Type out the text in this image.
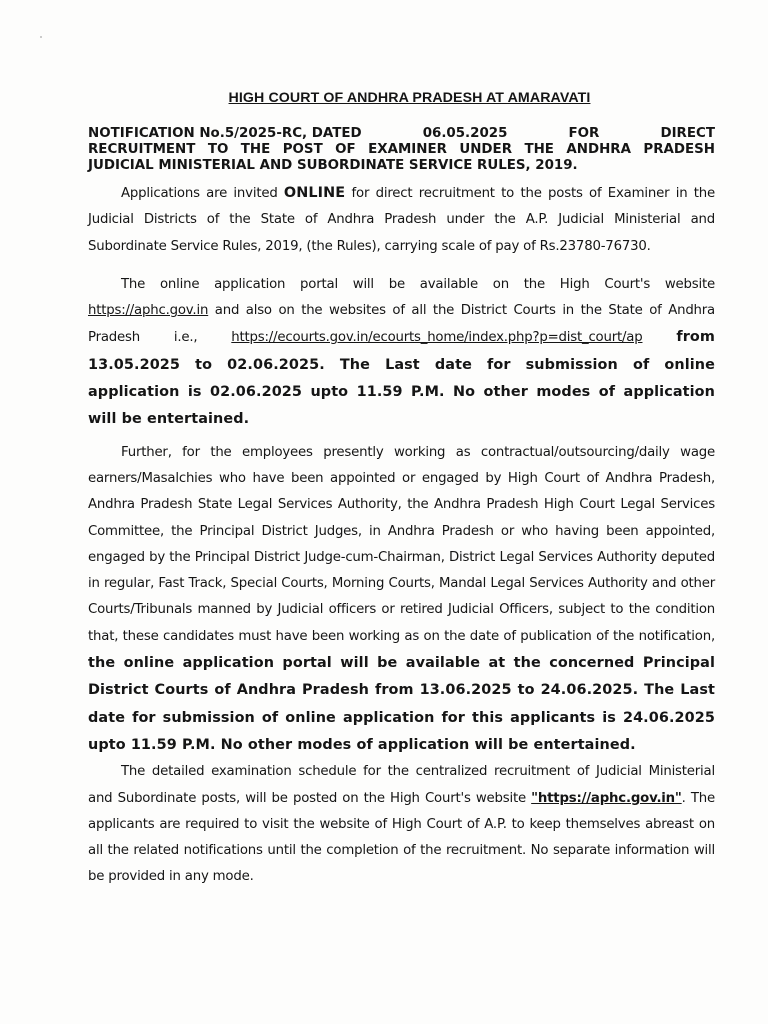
HIGH COURT OF ANDHRA PRADESH AT AMARAVATI
NOTIFICATION No.5/2025-RC, DATED	06.05.2025	FOR	DIRECT
RECRUITMENT TO THE POST OF EXAMINER UNDER THE ANDHRA PRADESH
JUDICIAL MINISTERIAL AND SUBORDINATE SERVICE RULES, 2019.

Applications are invited ONLINE for direct recruitment to the posts of Examiner in the Judicial Districts of the State of Andhra Pradesh under the A.P. Judicial Ministerial and Subordinate Service Rules, 2019, (the Rules), carrying scale of pay of Rs.23780-76730.

The online application portal will be available on the High Court's website https://aphc.gov.in and also on the websites of all the District Courts in the State of Andhra Pradesh i.e., https://ecourts.gov.in/ecourts_home/index.php?p=dist_court/ap from 13.05.2025 to 02.06.2025. The Last date for submission of online application is 02.06.2025 upto 11.59 P.M. No other modes of application will be entertained.

Further, for the employees presently working as contractual/outsourcing/daily wage earners/Masalchies who have been appointed or engaged by High Court of Andhra Pradesh, Andhra Pradesh State Legal Services Authority, the Andhra Pradesh High Court Legal Services Committee, the Principal District Judges, in Andhra Pradesh or who having been appointed, engaged by the Principal District Judge-cum-Chairman, District Legal Services Authority deputed in regular, Fast Track, Special Courts, Morning Courts, Mandal Legal Services Authority and other Courts/Tribunals manned by Judicial officers or retired Judicial Officers, subject to the condition that, these candidates must have been working as on the date of publication of the notification, the online application portal will be available at the concerned Principal District Courts of Andhra Pradesh from 13.06.2025 to 24.06.2025. The Last date for submission of online application for this applicants is 24.06.2025 upto 11.59 P.M. No other modes of application will be entertained.

The detailed examination schedule for the centralized recruitment of Judicial Ministerial and Subordinate posts, will be posted on the High Court's website "https://aphc.gov.in". The applicants are required to visit the website of High Court of A.P. to keep themselves abreast on all the related notifications until the completion of the recruitment. No separate information will be provided in any mode.
